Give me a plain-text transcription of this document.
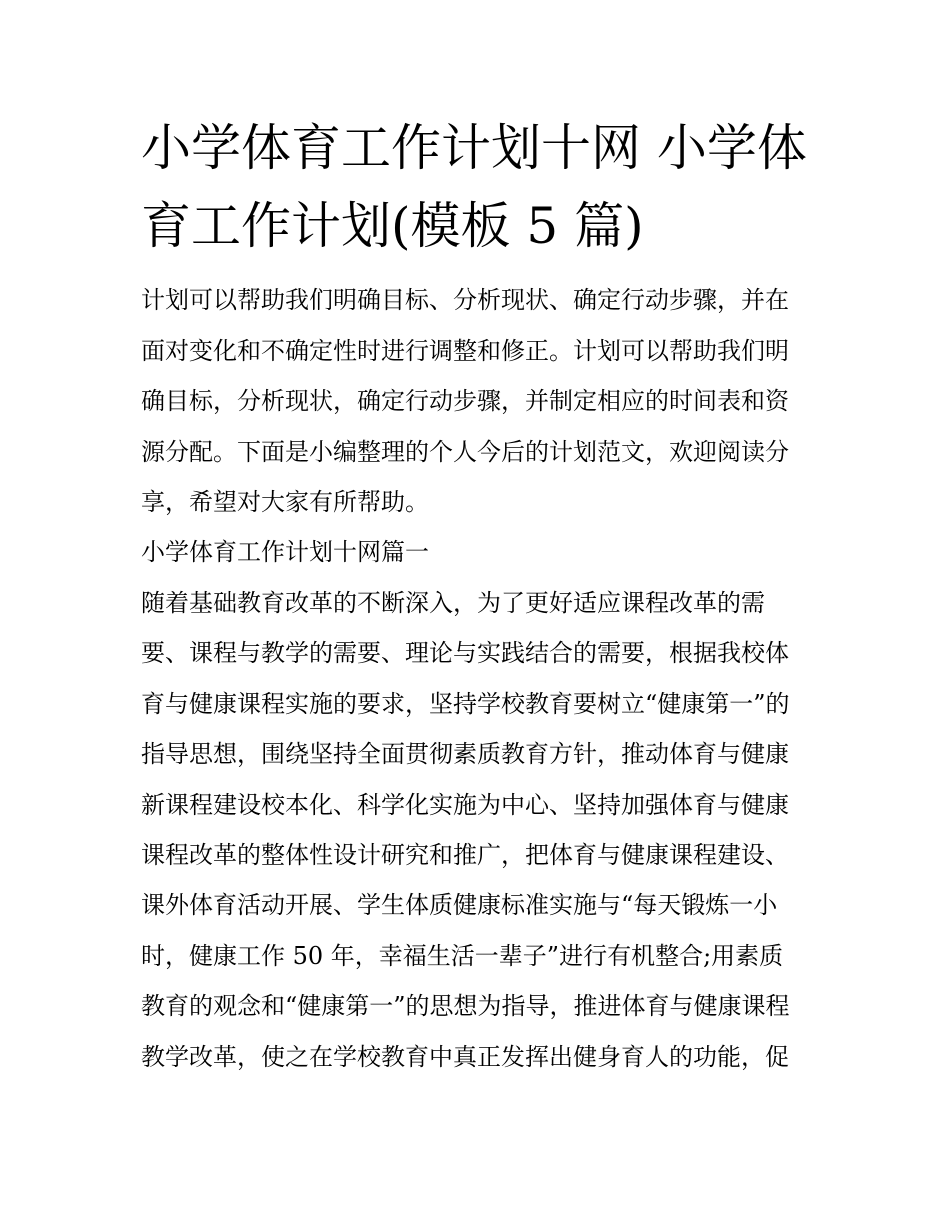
小学体育工作计划十网 小学体
育工作计划(模板 5 篇)
计划可以帮助我们明确目标、分析现状、确定行动步骤，并在
面对变化和不确定性时进行调整和修正。计划可以帮助我们明
确目标，分析现状，确定行动步骤，并制定相应的时间表和资
源分配。下面是小编整理的个人今后的计划范文，欢迎阅读分
享，希望对大家有所帮助。
小学体育工作计划十网篇一
随着基础教育改革的不断深入，为了更好适应课程改革的需
要、课程与教学的需要、理论与实践结合的需要，根据我校体
育与健康课程实施的要求，坚持学校教育要树立“健康第一”的
指导思想，围绕坚持全面贯彻素质教育方针，推动体育与健康
新课程建设校本化、科学化实施为中心、坚持加强体育与健康
课程改革的整体性设计研究和推广，把体育与健康课程建设、
课外体育活动开展、学生体质健康标准实施与“每天锻炼一小
时，健康工作 50 年，幸福生活一辈子”进行有机整合;用素质
教育的观念和“健康第一”的思想为指导，推进体育与健康课程
教学改革，使之在学校教育中真正发挥出健身育人的功能，促
